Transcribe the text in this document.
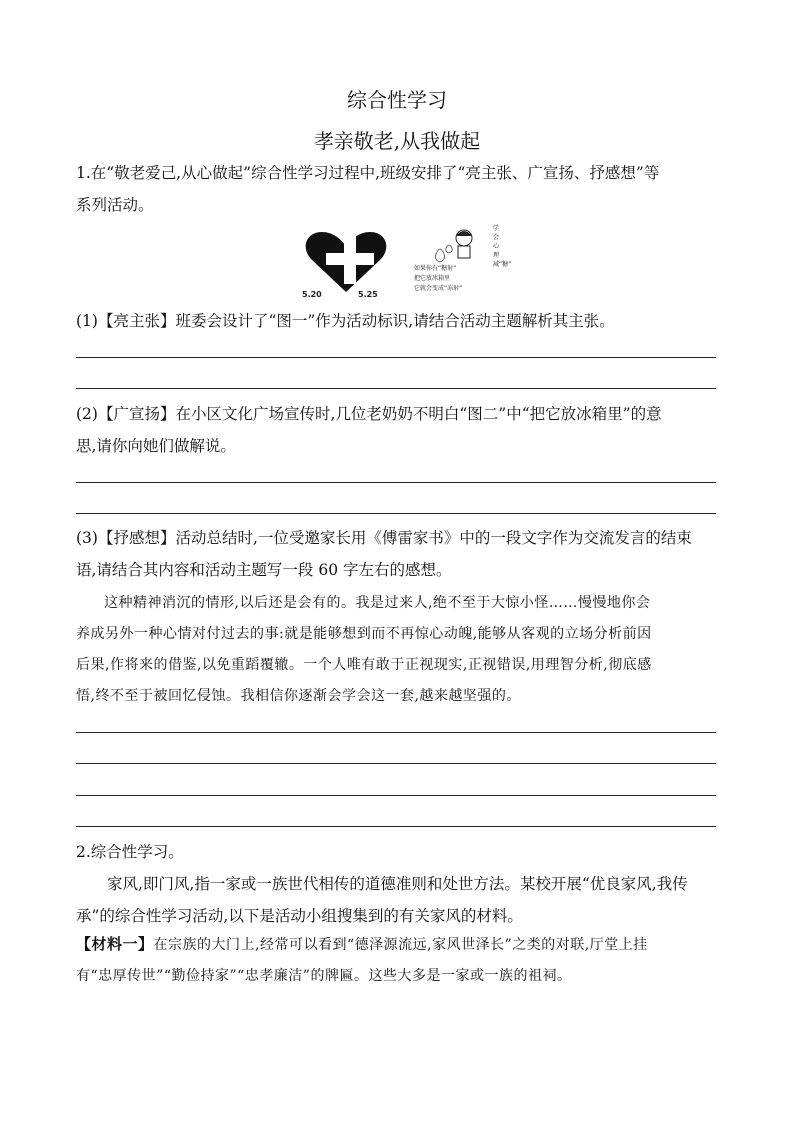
综合性学习
孝亲敬老,从我做起
1.在“敬老爱己,从心做起”综合性学习过程中,班级安排了“亮主张、广宣扬、抒感想”等
系列活动。
5.20	5.25
如果你有“糖射”
把它放冰箱里
它就会变成“冻射”
学会心理减“糖”
(1)【亮主张】班委会设计了“图一”作为活动标识,请结合活动主题解析其主张。
(2)【广宣扬】在小区文化广场宣传时,几位老奶奶不明白“图二”中“把它放冰箱里”的意
思,请你向她们做解说。
(3)【抒感想】活动总结时,一位受邀家长用《傅雷家书》中的一段文字作为交流发言的结束
语,请结合其内容和活动主题写一段 60 字左右的感想。
这种精神消沉的情形,以后还是会有的。我是过来人,绝不至于大惊小怪……慢慢地你会
养成另外一种心情对付过去的事:就是能够想到而不再惊心动魄,能够从客观的立场分析前因
后果,作将来的借鉴,以免重蹈覆辙。一个人唯有敢于正视现实,正视错误,用理智分析,彻底感
悟,终不至于被回忆侵蚀。我相信你逐渐会学会这一套,越来越坚强的。
2.综合性学习。
家风,即门风,指一家或一族世代相传的道德准则和处世方法。某校开展“优良家风,我传
承”的综合性学习活动,以下是活动小组搜集到的有关家风的材料。
【材料一】在宗族的大门上,经常可以看到“德泽源流远,家风世泽长”之类的对联,厅堂上挂
有“忠厚传世”“勤俭持家”“忠孝廉洁”的牌匾。这些大多是一家或一族的祖祠。
